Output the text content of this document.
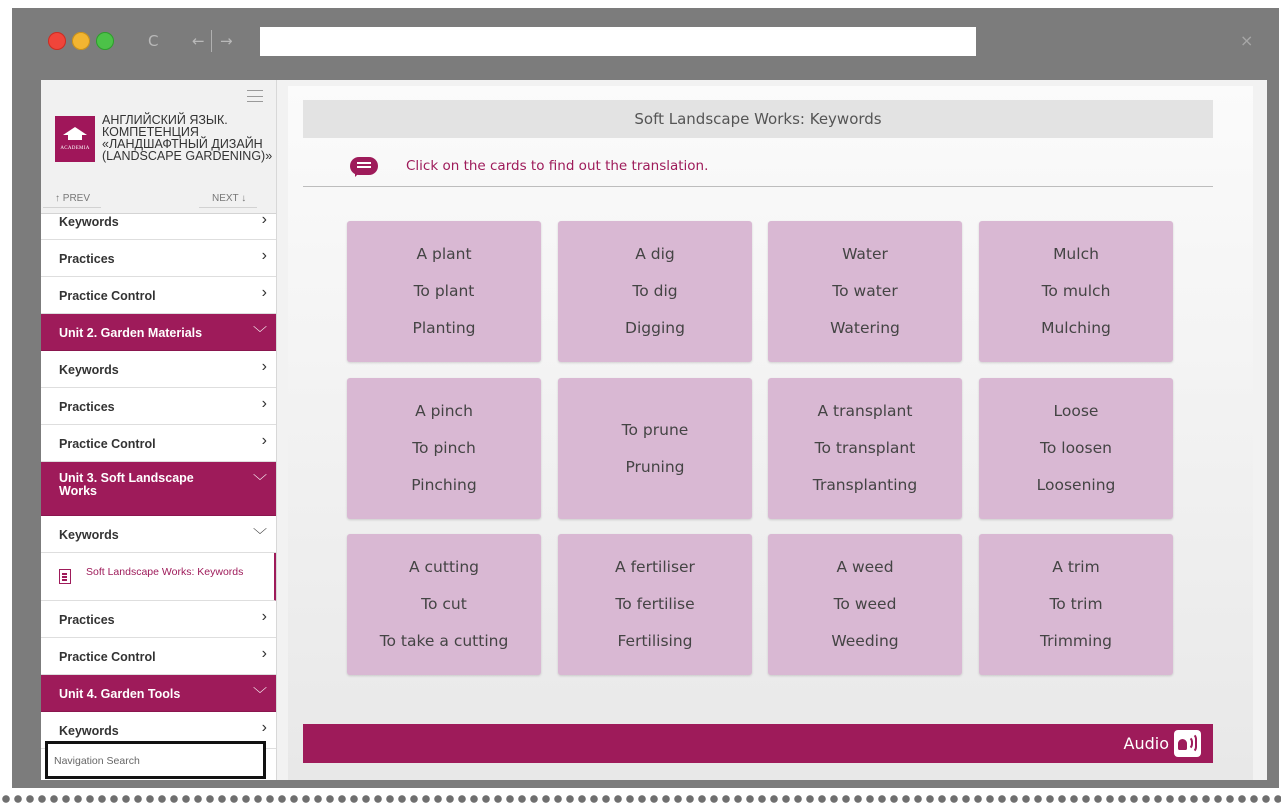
C ← →	×
ACADEMIA
АНГЛИЙСКИЙ ЯЗЫК. КОМПЕТЕНЦИЯ «ЛАНДШАФТНЫЙ ДИЗАЙН (LANDSCAPE GARDENING)»
↑ PREV	NEXT ↓
Keywords	›
Practices	›
Practice Control	›
Unit 2. Garden Materials	﹀
Keywords	›
Practices	›
Practice Control	›
Unit 3. Soft Landscape Works
﹀
Keywords	﹀
Soft Landscape Works: Keywords
Practices	›
Practice Control	›
Unit 4. Garden Tools	﹀
Keywords	›
Navigation Search
Soft Landscape Works: Keywords
Click on the cards to find out the translation.
A plant
To plant
Planting
A dig
To dig
Digging
Water
To water
Watering
Mulch
To mulch
Mulching
A pinch
To pinch
Pinching
To prune
Pruning
A transplant
To transplant
Transplanting
Loose
To loosen
Loosening
A cutting
To cut
To take a cutting
A fertiliser
To fertilise
Fertilising
A weed
To weed
Weeding
A trim
To trim
Trimming
Audio
